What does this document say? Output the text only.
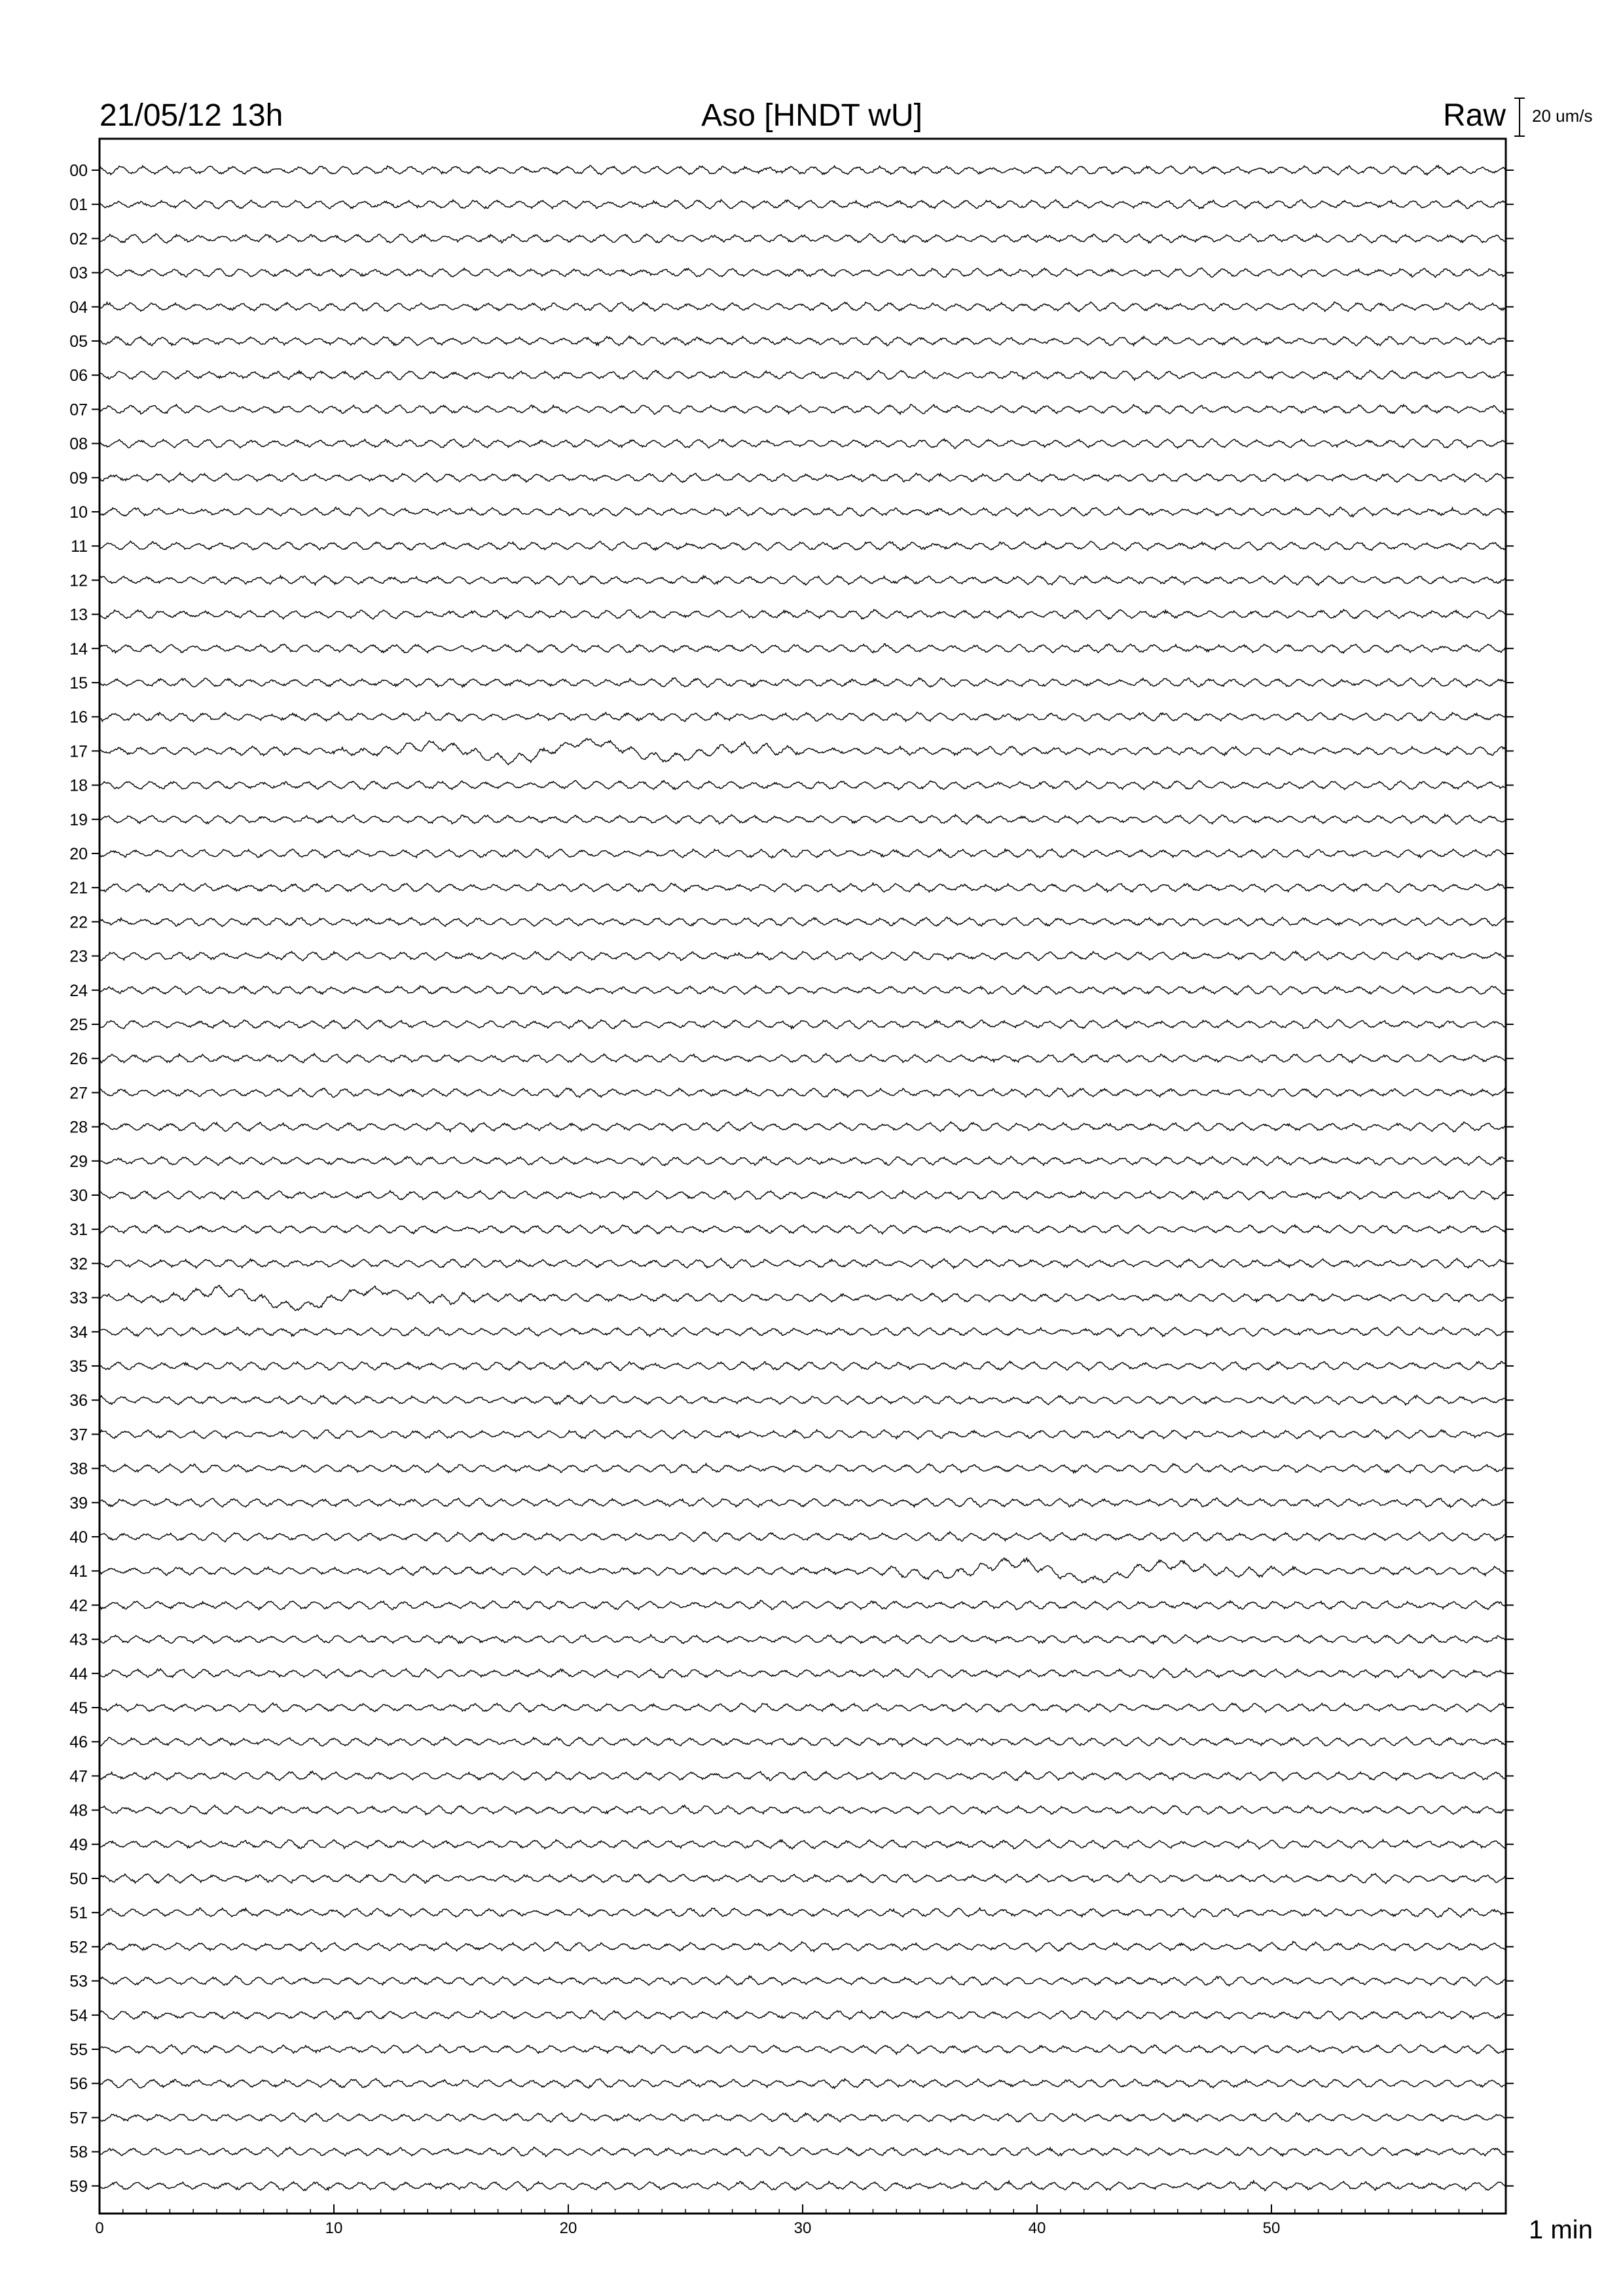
21/05/12 13h	Aso [HNDT wU]	Raw 20 um/s
00
01
02
03
04
05
06
07
08
09
10
11
12
13
14
15
16
17
18
19
20
21
22
23
24
25
26
27
28
29
30
31
32
33
34
35
36
37
38
39
40
41
42
43
44
45
46
47
48
49
50
51
52
53
54
55
56
57
58
59
0	10	20	30	40	50	1 min
